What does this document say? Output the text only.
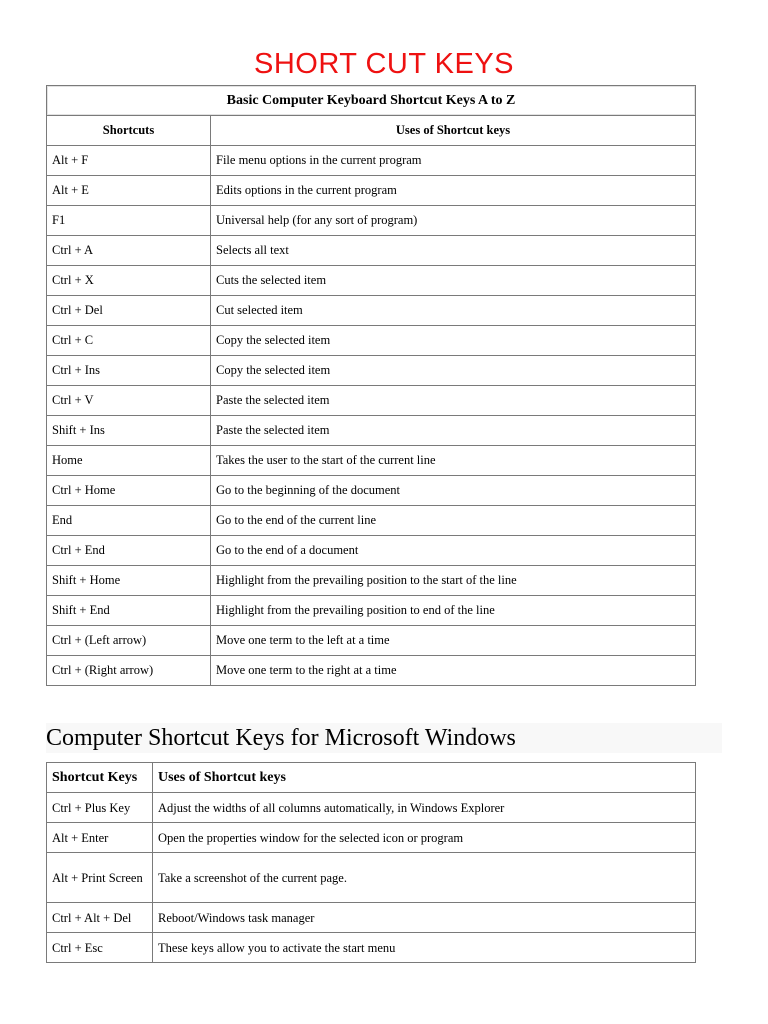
SHORT CUT KEYS
Basic Computer Keyboard Shortcut Keys A to Z	
Shortcuts	Uses of Shortcut keys
Alt + F	File menu options in the current program
Alt + E	Edits options in the current program
F1	Universal help (for any sort of program)
Ctrl + A	Selects all text
Ctrl + X	Cuts the selected item
Ctrl + Del	Cut selected item
Ctrl + C	Copy the selected item
Ctrl + Ins	Copy the selected item
Ctrl + V	Paste the selected item
Shift + Ins	Paste the selected item
Home	Takes the user to the start of the current line
Ctrl + Home	Go to the beginning of the document
End	Go to the end of the current line
Ctrl + End	Go to the end of a document
Shift + Home	Highlight from the prevailing position to the start of the line
Shift + End	Highlight from the prevailing position to end of the line
Ctrl + (Left arrow)	Move one term to the left at a time
Ctrl + (Right arrow)	Move one term to the right at a time
Computer Shortcut Keys for Microsoft Windows
Shortcut Keys	Uses of Shortcut keys
Ctrl + Plus Key	Adjust the widths of all columns automatically, in Windows Explorer
Alt + Enter	Open the properties window for the selected icon or program
Alt + Print Screen	Take a screenshot of the current page.
Ctrl + Alt + Del	Reboot/Windows task manager
Ctrl + Esc	These keys allow you to activate the start menu
